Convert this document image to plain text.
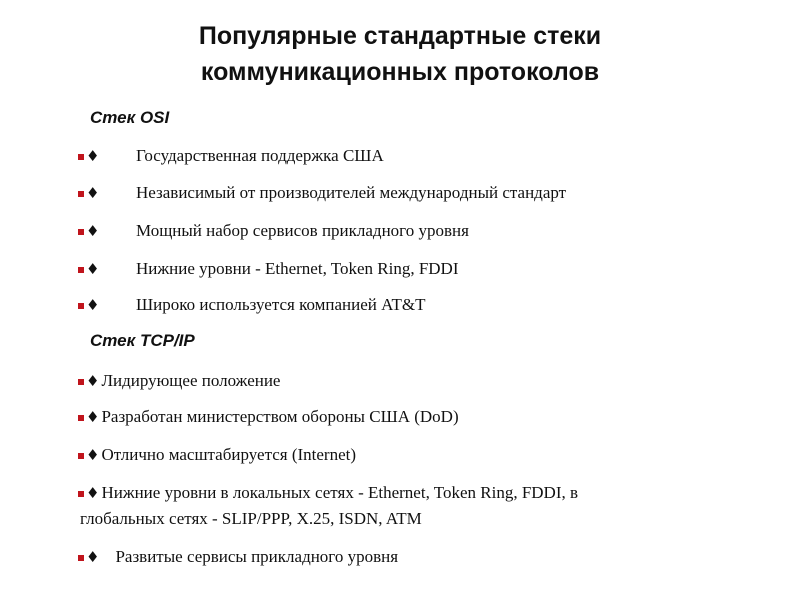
Популярные стандартные стеки
коммуникационных протоколов
Стек OSI
♦ Государственная поддержка США
♦ Независимый от производителей международный стандарт
♦ Мощный набор сервисов прикладного уровня
♦ Нижние уровни - Ethernet, Token Ring, FDDI
♦ Широко используется компанией AT&T
Стек TCP/IP
♦ Лидирующее положение
♦ Разработан министерством обороны США (DoD)
♦ Отлично масштабируется (Internet)
♦ Нижние уровни в локальных сетях - Ethernet, Token Ring, FDDI, в
глобальных сетях - SLIP/PPP, X.25, ISDN, ATM
♦ Развитые сервисы прикладного уровня
